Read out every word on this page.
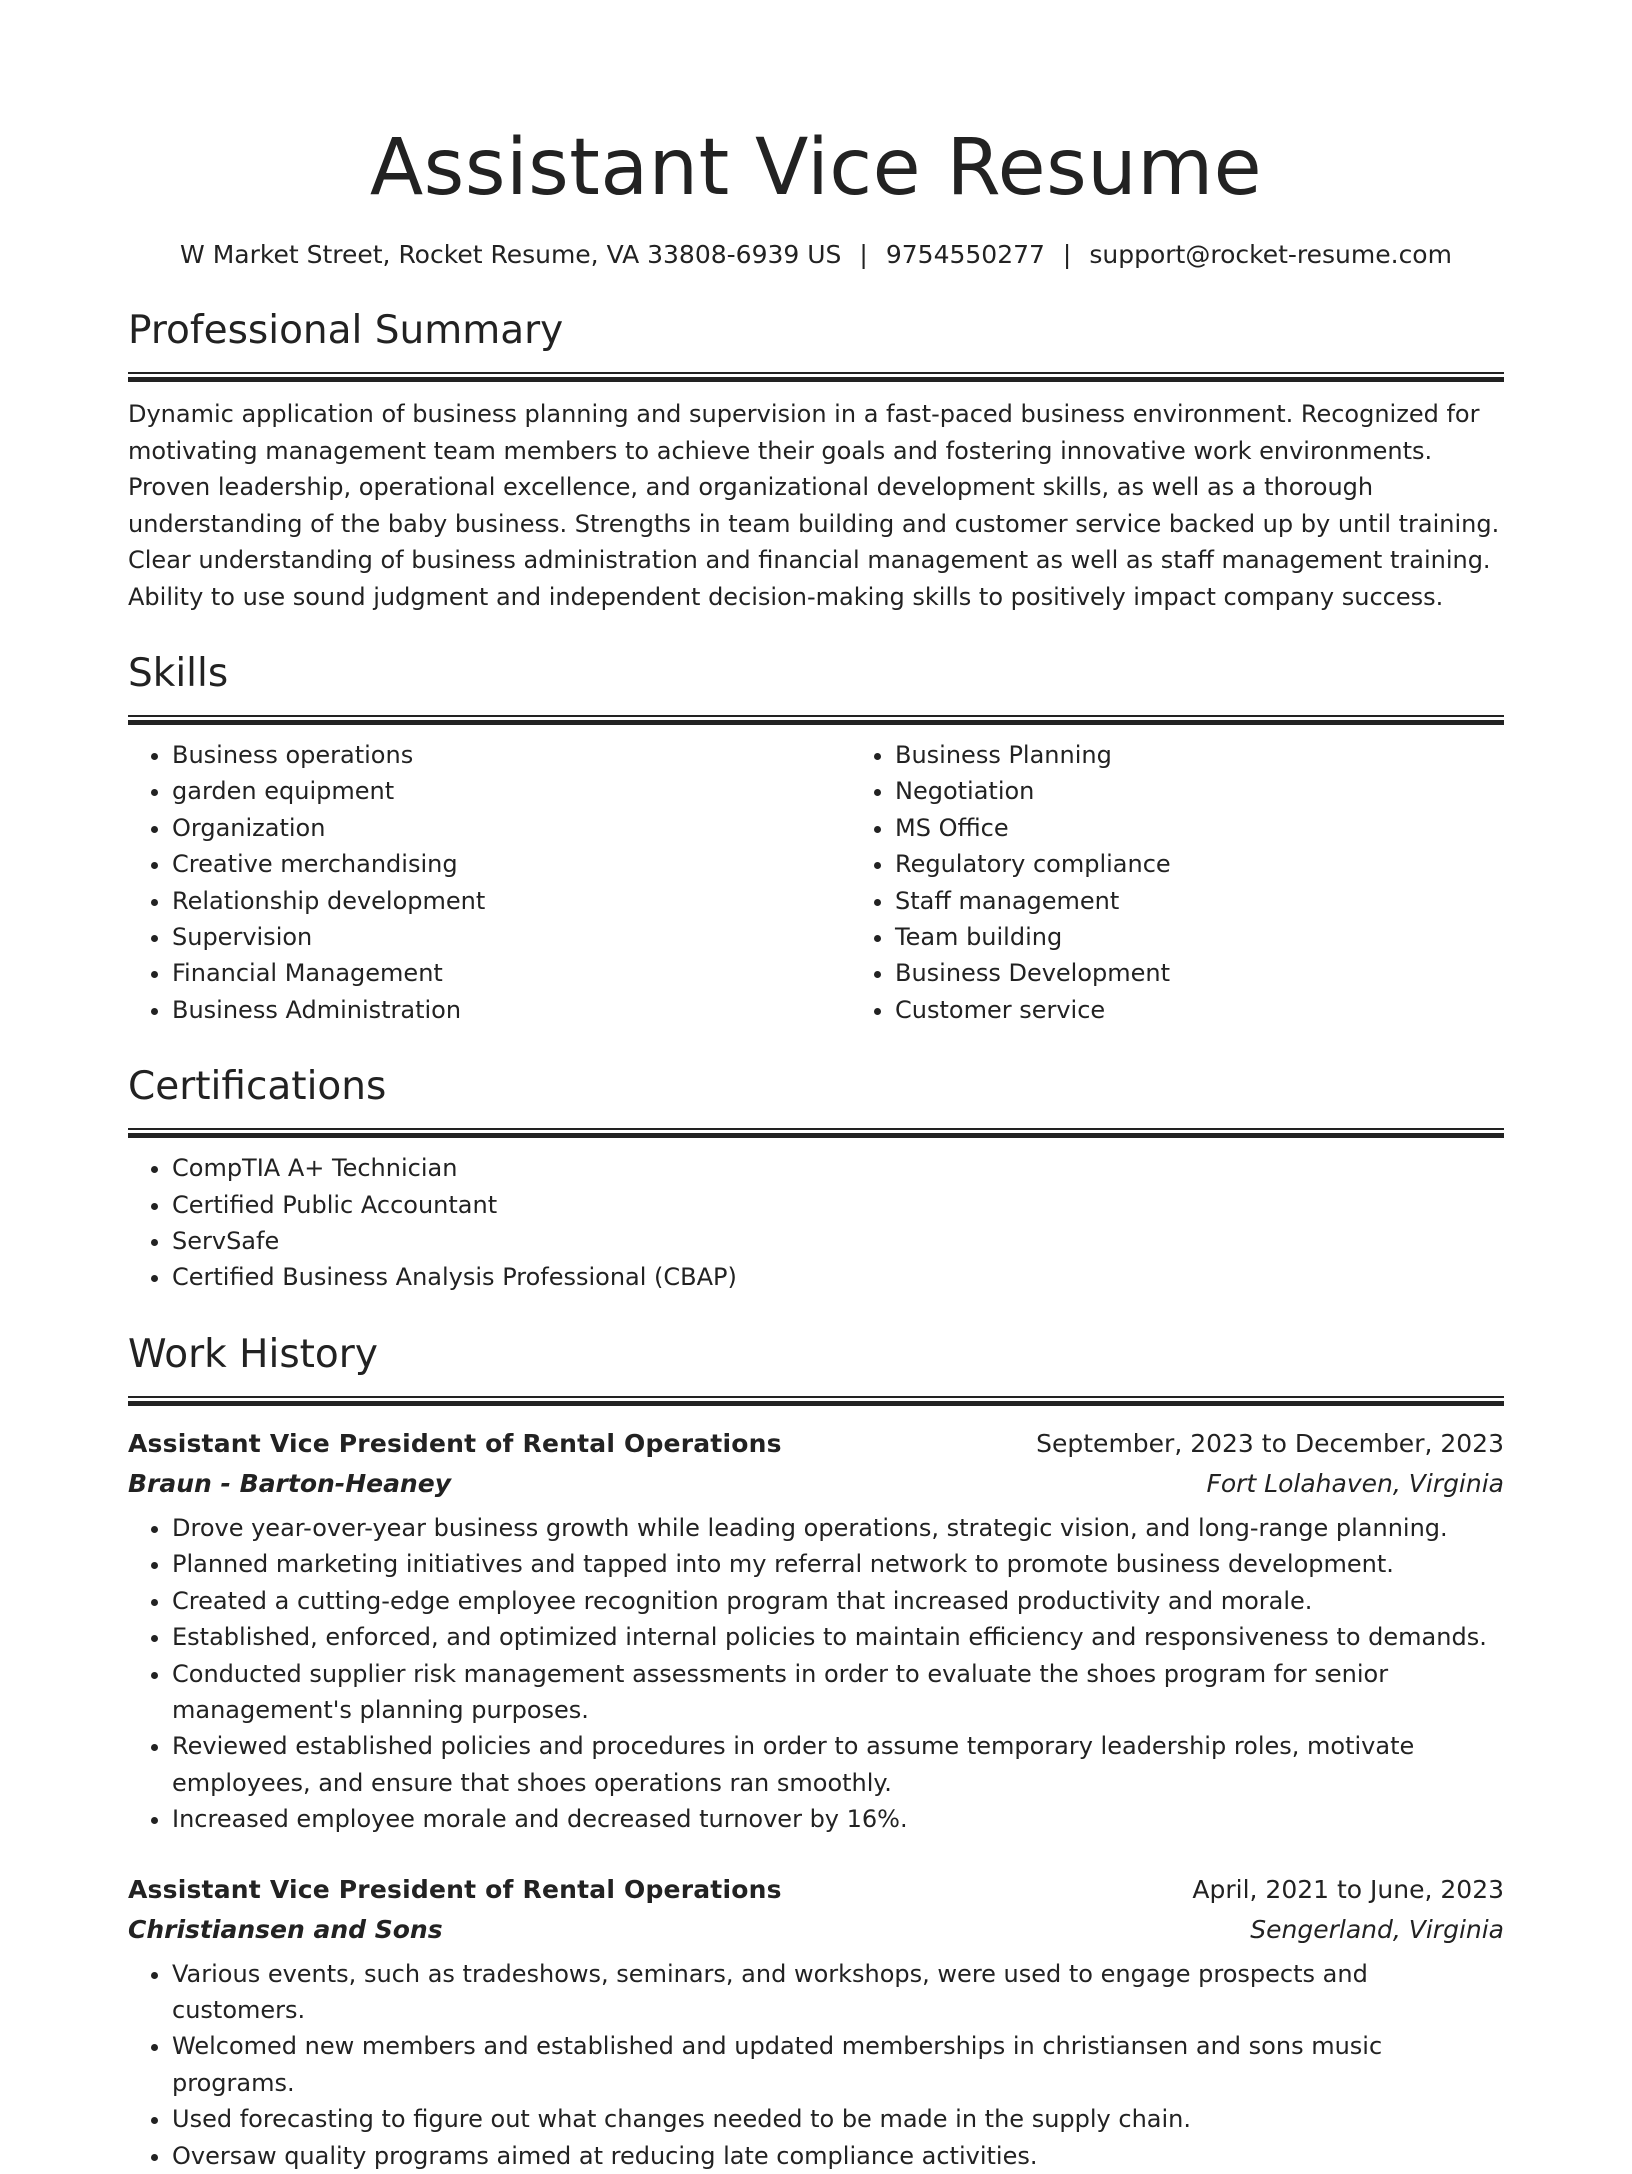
Assistant Vice Resume
W Market Street, Rocket Resume, VA 33808-6939 US | 9754550277 | support@rocket-resume.com
Professional Summary
Dynamic application of business planning and supervision in a fast-paced business environment. Recognized for motivating management team members to achieve their goals and fostering innovative work environments. Proven leadership, operational excellence, and organizational development skills, as well as a thorough understanding of the baby business. Strengths in team building and customer service backed up by until training. Clear understanding of business administration and financial management as well as staff management training. Ability to use sound judgment and independent decision-making skills to positively impact company success.
Skills
• Business operations
• garden equipment
• Organization
• Creative merchandising
• Relationship development
• Supervision
• Financial Management
• Business Administration
• Business Planning
• Negotiation
• MS Office
• Regulatory compliance
• Staff management
• Team building
• Business Development
• Customer service
Certifications
• CompTIA A+ Technician
• Certified Public Accountant
• ServSafe
• Certified Business Analysis Professional (CBAP)
Work History
Assistant Vice President of Rental Operations	September, 2023 to December, 2023
Braun - Barton-Heaney	Fort Lolahaven, Virginia
• Drove year-over-year business growth while leading operations, strategic vision, and long-range planning.
• Planned marketing initiatives and tapped into my referral network to promote business development.
• Created a cutting-edge employee recognition program that increased productivity and morale.
• Established, enforced, and optimized internal policies to maintain efficiency and responsiveness to demands.
• Conducted supplier risk management assessments in order to evaluate the shoes program for senior management's planning purposes.
• Reviewed established policies and procedures in order to assume temporary leadership roles, motivate employees, and ensure that shoes operations ran smoothly.
• Increased employee morale and decreased turnover by 16%.
Assistant Vice President of Rental Operations	April, 2021 to June, 2023
Christiansen and Sons	Sengerland, Virginia
• Various events, such as tradeshows, seminars, and workshops, were used to engage prospects and customers.
• Welcomed new members and established and updated memberships in christiansen and sons music programs.
• Used forecasting to figure out what changes needed to be made in the supply chain.
• Oversaw quality programs aimed at reducing late compliance activities.
